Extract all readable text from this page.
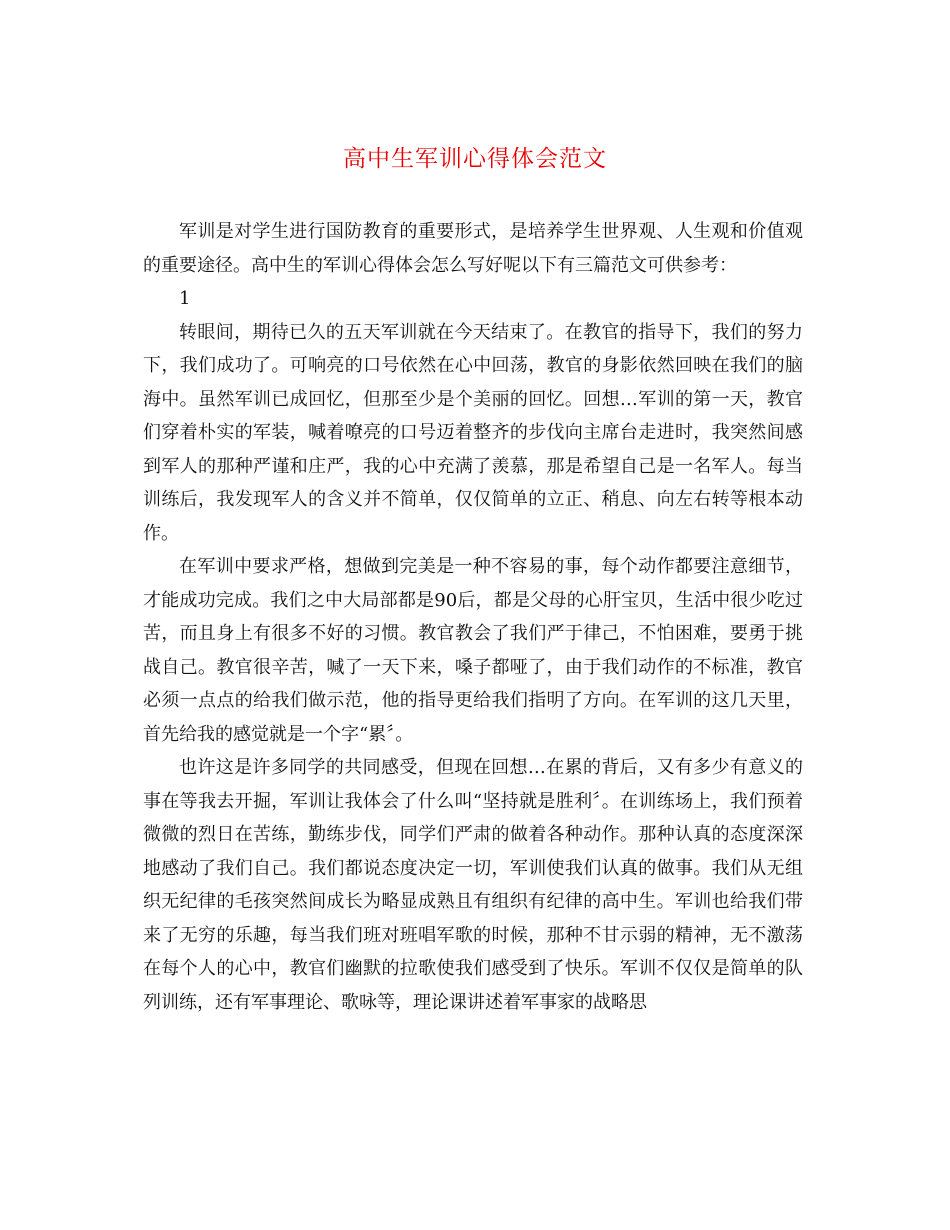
高中生军训心得体会范文

军训是对学生进行国防教育的重要形式，是培养学生世界观、人生观和价值观的重要途径。高中生的军训心得体会怎么写好呢以下有三篇范文可供参考：

1

转眼间，期待已久的五天军训就在今天结束了。在教官的指导下，我们的努力下，我们成功了。可响亮的口号依然在心中回荡，教官的身影依然回映在我们的脑海中。虽然军训已成回忆，但那至少是个美丽的回忆。回想…军训的第一天，教官们穿着朴实的军装，喊着嘹亮的口号迈着整齐的步伐向主席台走进时，我突然间感到军人的那种严谨和庄严，我的心中充满了羡慕，那是希望自己是一名军人。每当训练后，我发现军人的含义并不简单，仅仅简单的立正、稍息、向左右转等根本动作。

在军训中要求严格，想做到完美是一种不容易的事，每个动作都要注意细节，才能成功完成。我们之中大局部都是90后，都是父母的心肝宝贝，生活中很少吃过苦，而且身上有很多不好的习惯。教官教会了我们严于律己，不怕困难，要勇于挑战自己。教官很辛苦，喊了一天下来，嗓子都哑了，由于我们动作的不标准，教官必须一点点的给我们做示范，他的指导更给我们指明了方向。在军训的这几天里，首先给我的感觉就是一个字“累〞。

也许这是许多同学的共同感受，但现在回想…在累的背后，又有多少有意义的事在等我去开掘，军训让我体会了什么叫“坚持就是胜利〞。在训练场上，我们预着微微的烈日在苦练，勤练步伐，同学们严肃的做着各种动作。那种认真的态度深深地感动了我们自己。我们都说态度决定一切，军训使我们认真的做事。我们从无组织无纪律的毛孩突然间成长为略显成熟且有组织有纪律的高中生。军训也给我们带来了无穷的乐趣，每当我们班对班唱军歌的时候，那种不甘示弱的精神，无不激荡在每个人的心中，教官们幽默的拉歌使我们感受到了快乐。军训不仅仅是简单的队列训练，还有军事理论、歌咏等，理论课讲述着军事家的战略思
